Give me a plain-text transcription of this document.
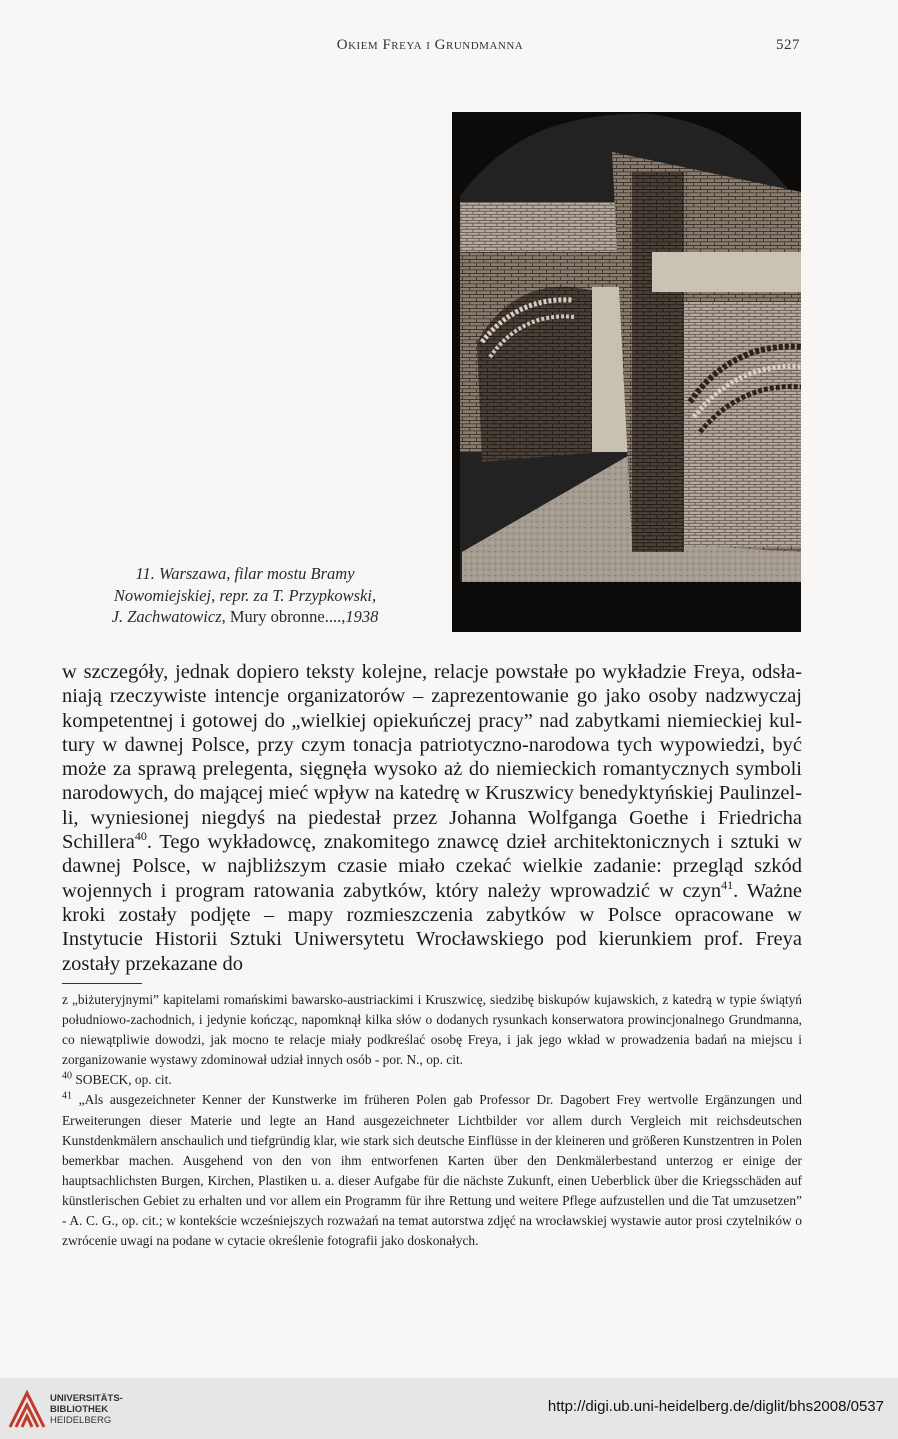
Okiem Freya i Grundmanna	527
11. Warszawa, filar mostu Bramy
Nowomiejskiej, repr. za T. Przypkowski,
J. Zachwatowicz, Mury obronne....,1938

w szczegóły, jednak dopiero teksty kolejne, relacje powstałe po wykładzie Freya, odsłaniają rzeczywiste intencje organizatorów – zaprezentowanie go jako osoby nadzwyczaj kompetentnej i gotowej do „wielkiej opiekuńczej pracy” nad zabytkami niemieckiej kultury w dawnej Polsce, przy czym tonacja patriotyczno-narodowa tych wypowiedzi, być może za sprawą prelegenta, sięgnęła wysoko aż do niemieckich romantycznych symboli narodowych, do mającej mieć wpływ na katedrę w Kruszwicy benedyktyńskiej Paulinzelli, wyniesionej niegdyś na piedestał przez Johanna Wolfganga Goethe i Friedricha Schillera$^{40}$. Tego wykładowcę, znakomitego znawcę dzieł architektonicznych i sztuki w dawnej Polsce, w najbliższym czasie miało czekać wielkie zadanie: przegląd szkód wojennych i program ratowania zabytków, który należy wprowadzić w czyn$^{41}$. Ważne kroki zostały podjęte – mapy rozmieszczenia zabytków w Polsce opracowane w Instytucie Historii Sztuki Uniwersytetu Wrocławskiego pod kierunkiem prof. Freya zostały przekazane do

z „biżuteryjnymi” kapitelami romańskimi bawarsko-austriackimi i Kruszwicę, siedzibę biskupów kujawskich, z katedrą w typie świątyń południowo-zachodnich, i jedynie kończąc, napomknął kilka słów o dodanych rysunkach konserwatora prowincjonalnego Grundmanna, co niewątpliwie dowodzi, jak mocno te relacje miały podkreślać osobę Freya, i jak jego wkład w prowadzenia badań na miejscu i zorganizowanie wystawy zdominował udział innych osób - por. N., op. cit.

$^{40}$ SOBECK, op. cit.

$^{41}$ „Als ausgezeichneter Kenner der Kunstwerke im früheren Polen gab Professor Dr. Dagobert Frey wertvolle Ergänzungen und Erweiterungen dieser Materie und legte an Hand ausgezeichneter Lichtbilder vor allem durch Vergleich mit reichsdeutschen Kunstdenkmälern anschaulich und tiefgründig klar, wie stark sich deutsche Einflüsse in der kleineren und größeren Kunstzentren in Polen bemerkbar machen. Ausgehend von den von ihm entworfenen Karten über den Denkmälerbestand unterzog er einige der hauptsachlichsten Burgen, Kirchen, Plastiken u. a. dieser Aufgabe für die nächste Zukunft, einen Ueberblick über die Kriegsschäden auf künstlerischen Gebiet zu erhalten und vor allem ein Programm für ihre Rettung und weitere Pflege aufzustellen und die Tat umzusetzen” - A. C. G., op. cit.; w kontekście wcześniejszych rozważań na temat autorstwa zdjęć na wrocławskiej wystawie autor prosi czytelników o zwrócenie uwagi na podane w cytacie określenie fotografii jako doskonałych.

UNIVERSITÄTS-
BIBLIOTHEK
HEIDELBERG
http://digi.ub.uni-heidelberg.de/diglit/bhs2008/0537
